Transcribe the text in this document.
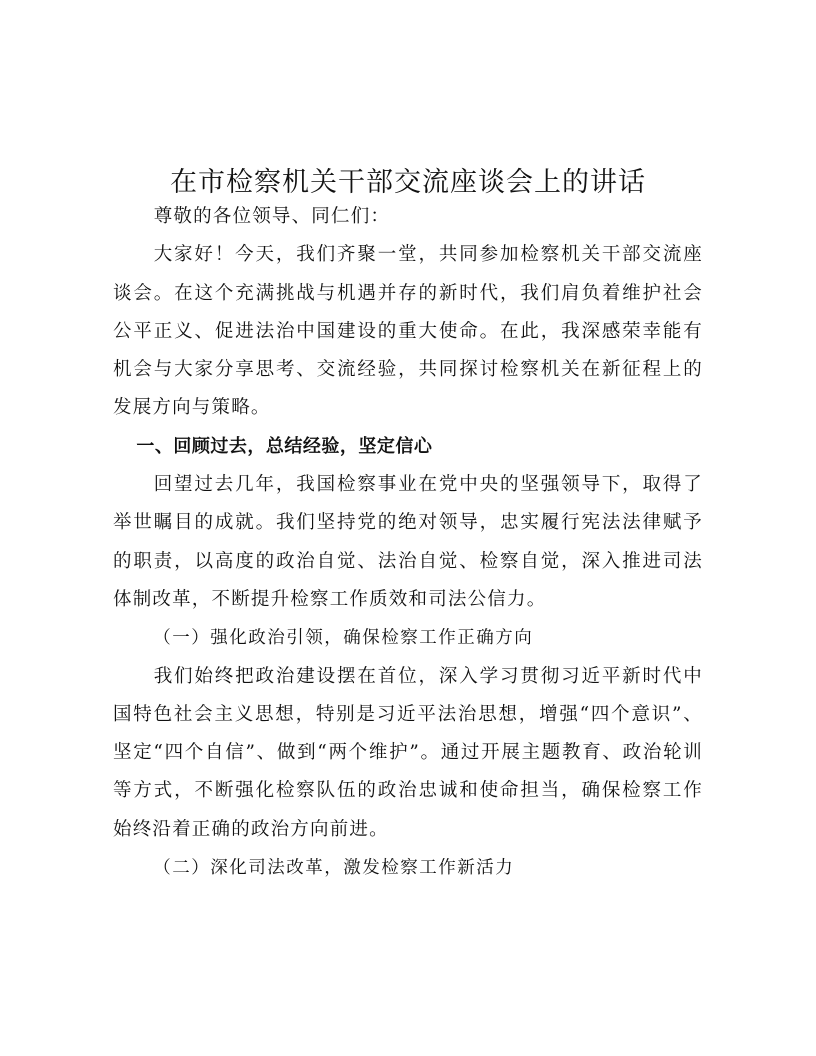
在市检察机关干部交流座谈会上的讲话

尊敬的各位领导、同仁们：

大家好！今天，我们齐聚一堂，共同参加检察机关干部交流座谈会。在这个充满挑战与机遇并存的新时代，我们肩负着维护社会公平正义、促进法治中国建设的重大使命。在此，我深感荣幸能有机会与大家分享思考、交流经验，共同探讨检察机关在新征程上的发展方向与策略。

一、回顾过去，总结经验，坚定信心

回望过去几年，我国检察事业在党中央的坚强领导下，取得了举世瞩目的成就。我们坚持党的绝对领导，忠实履行宪法法律赋予的职责，以高度的政治自觉、法治自觉、检察自觉，深入推进司法体制改革，不断提升检察工作质效和司法公信力。

（一）强化政治引领，确保检察工作正确方向

我们始终把政治建设摆在首位，深入学习贯彻习近平新时代中国特色社会主义思想，特别是习近平法治思想，增强“四个意识”、坚定“四个自信”、做到“两个维护”。通过开展主题教育、政治轮训等方式，不断强化检察队伍的政治忠诚和使命担当，确保检察工作始终沿着正确的政治方向前进。

（二）深化司法改革，激发检察工作新活力
